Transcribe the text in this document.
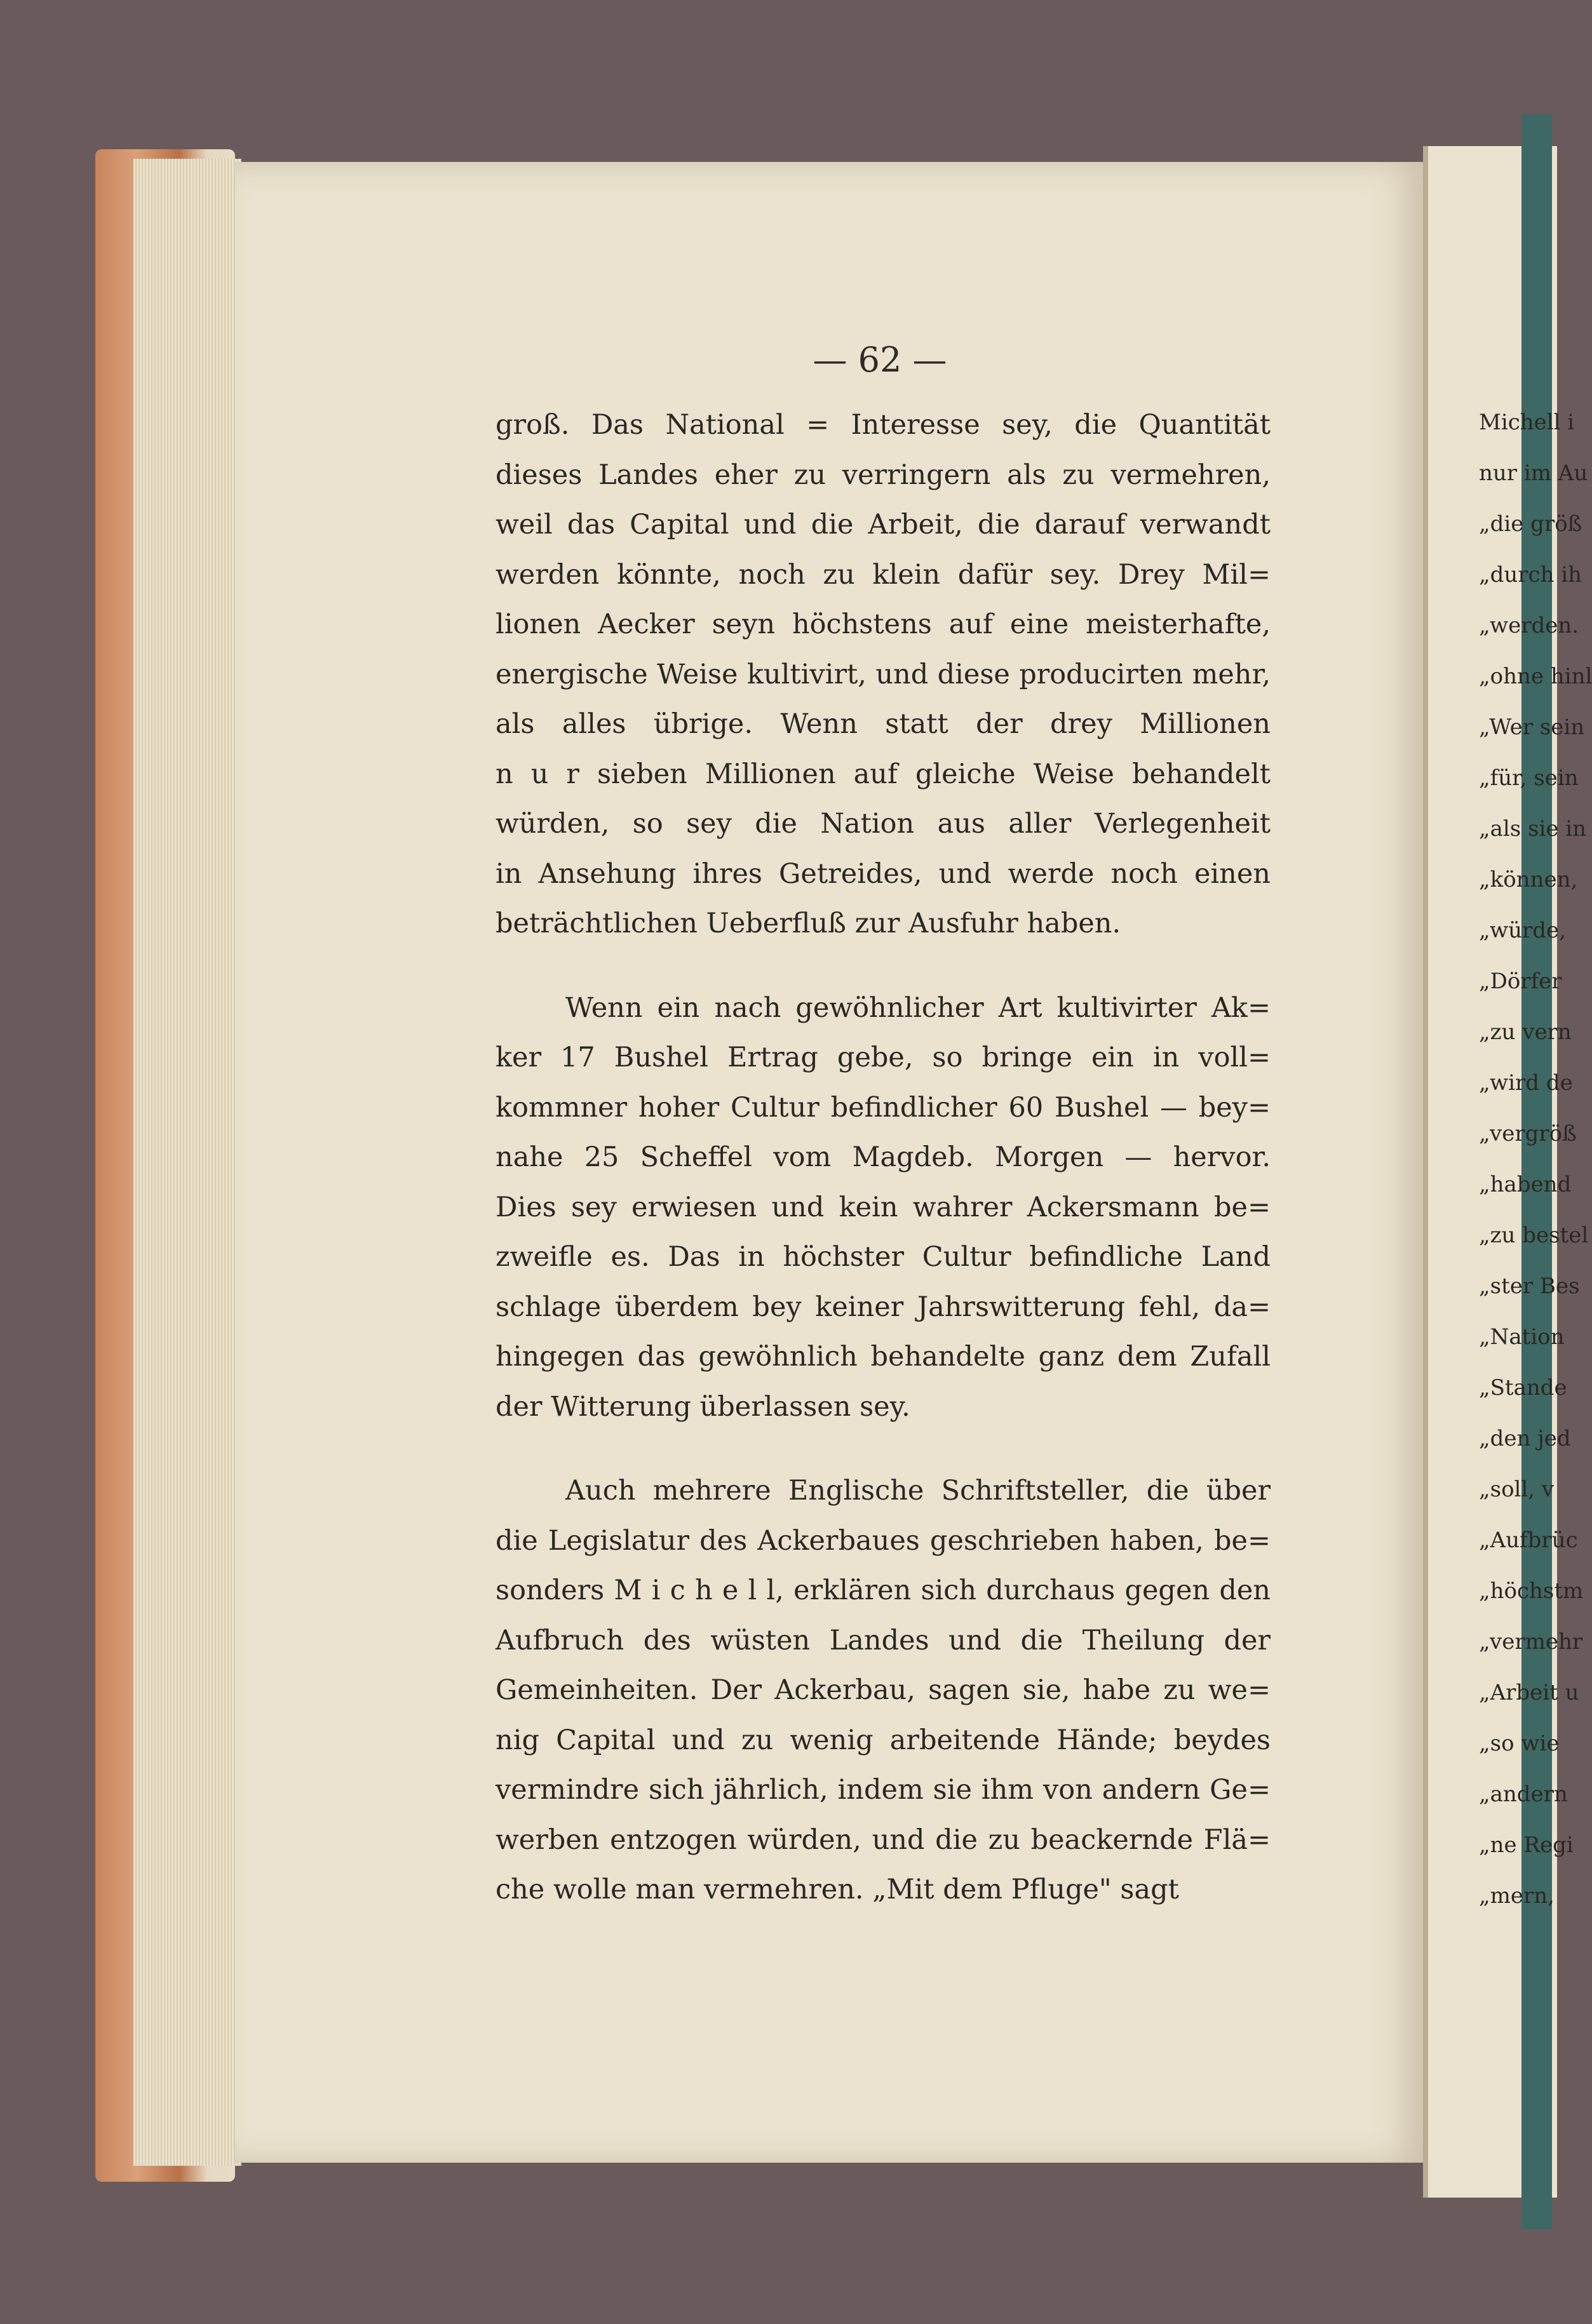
— 62 —
groß. Das National = Interesse sey, die Quantität
dieses Landes eher zu verringern als zu vermehren,
weil das Capital und die Arbeit, die darauf verwandt
werden könnte, noch zu klein dafür sey. Drey Mil=
lionen Aecker seyn höchstens auf eine meisterhafte,
energische Weise kultivirt, und diese producirten mehr,
als alles übrige. Wenn statt der drey Millionen
n u r sieben Millionen auf gleiche Weise behandelt
würden, so sey die Nation aus aller Verlegenheit
in Ansehung ihres Getreides, und werde noch einen
beträchtlichen Ueberfluß zur Ausfuhr haben.
Wenn ein nach gewöhnlicher Art kultivirter Ak=
ker 17 Bushel Ertrag gebe, so bringe ein in voll=
kommner hoher Cultur befindlicher 60 Bushel — bey=
nahe 25 Scheffel vom Magdeb. Morgen — hervor.
Dies sey erwiesen und kein wahrer Ackersmann be=
zweifle es. Das in höchster Cultur befindliche Land
schlage überdem bey keiner Jahrswitterung fehl, da=
hingegen das gewöhnlich behandelte ganz dem Zufall
der Witterung überlassen sey.
Auch mehrere Englische Schriftsteller, die über
die Legislatur des Ackerbaues geschrieben haben, be=
sonders M i c h e l l, erklären sich durchaus gegen den
Aufbruch des wüsten Landes und die Theilung der
Gemeinheiten. Der Ackerbau, sagen sie, habe zu we=
nig Capital und zu wenig arbeitende Hände; beydes
vermindre sich jährlich, indem sie ihm von andern Ge=
werben entzogen würden, und die zu beackernde Flä=
che wolle man vermehren. „Mit dem Pfluge" sagt
Michell i
nur im Au
„die größ
„durch ih
„werden.
„ohne hinl
„Wer sein
„für, sein
„als sie in
„können,
„würde,
„Dörfer
„zu vern
„wird de
„vergröß
„habend
„zu bestel
„ster Bes
„Nation
„Stande
„den jed
„soll, v
„Aufbrüc
„höchstm
„vermehr
„Arbeit u
„so wie
„andern
„ne Regi
„mern,
